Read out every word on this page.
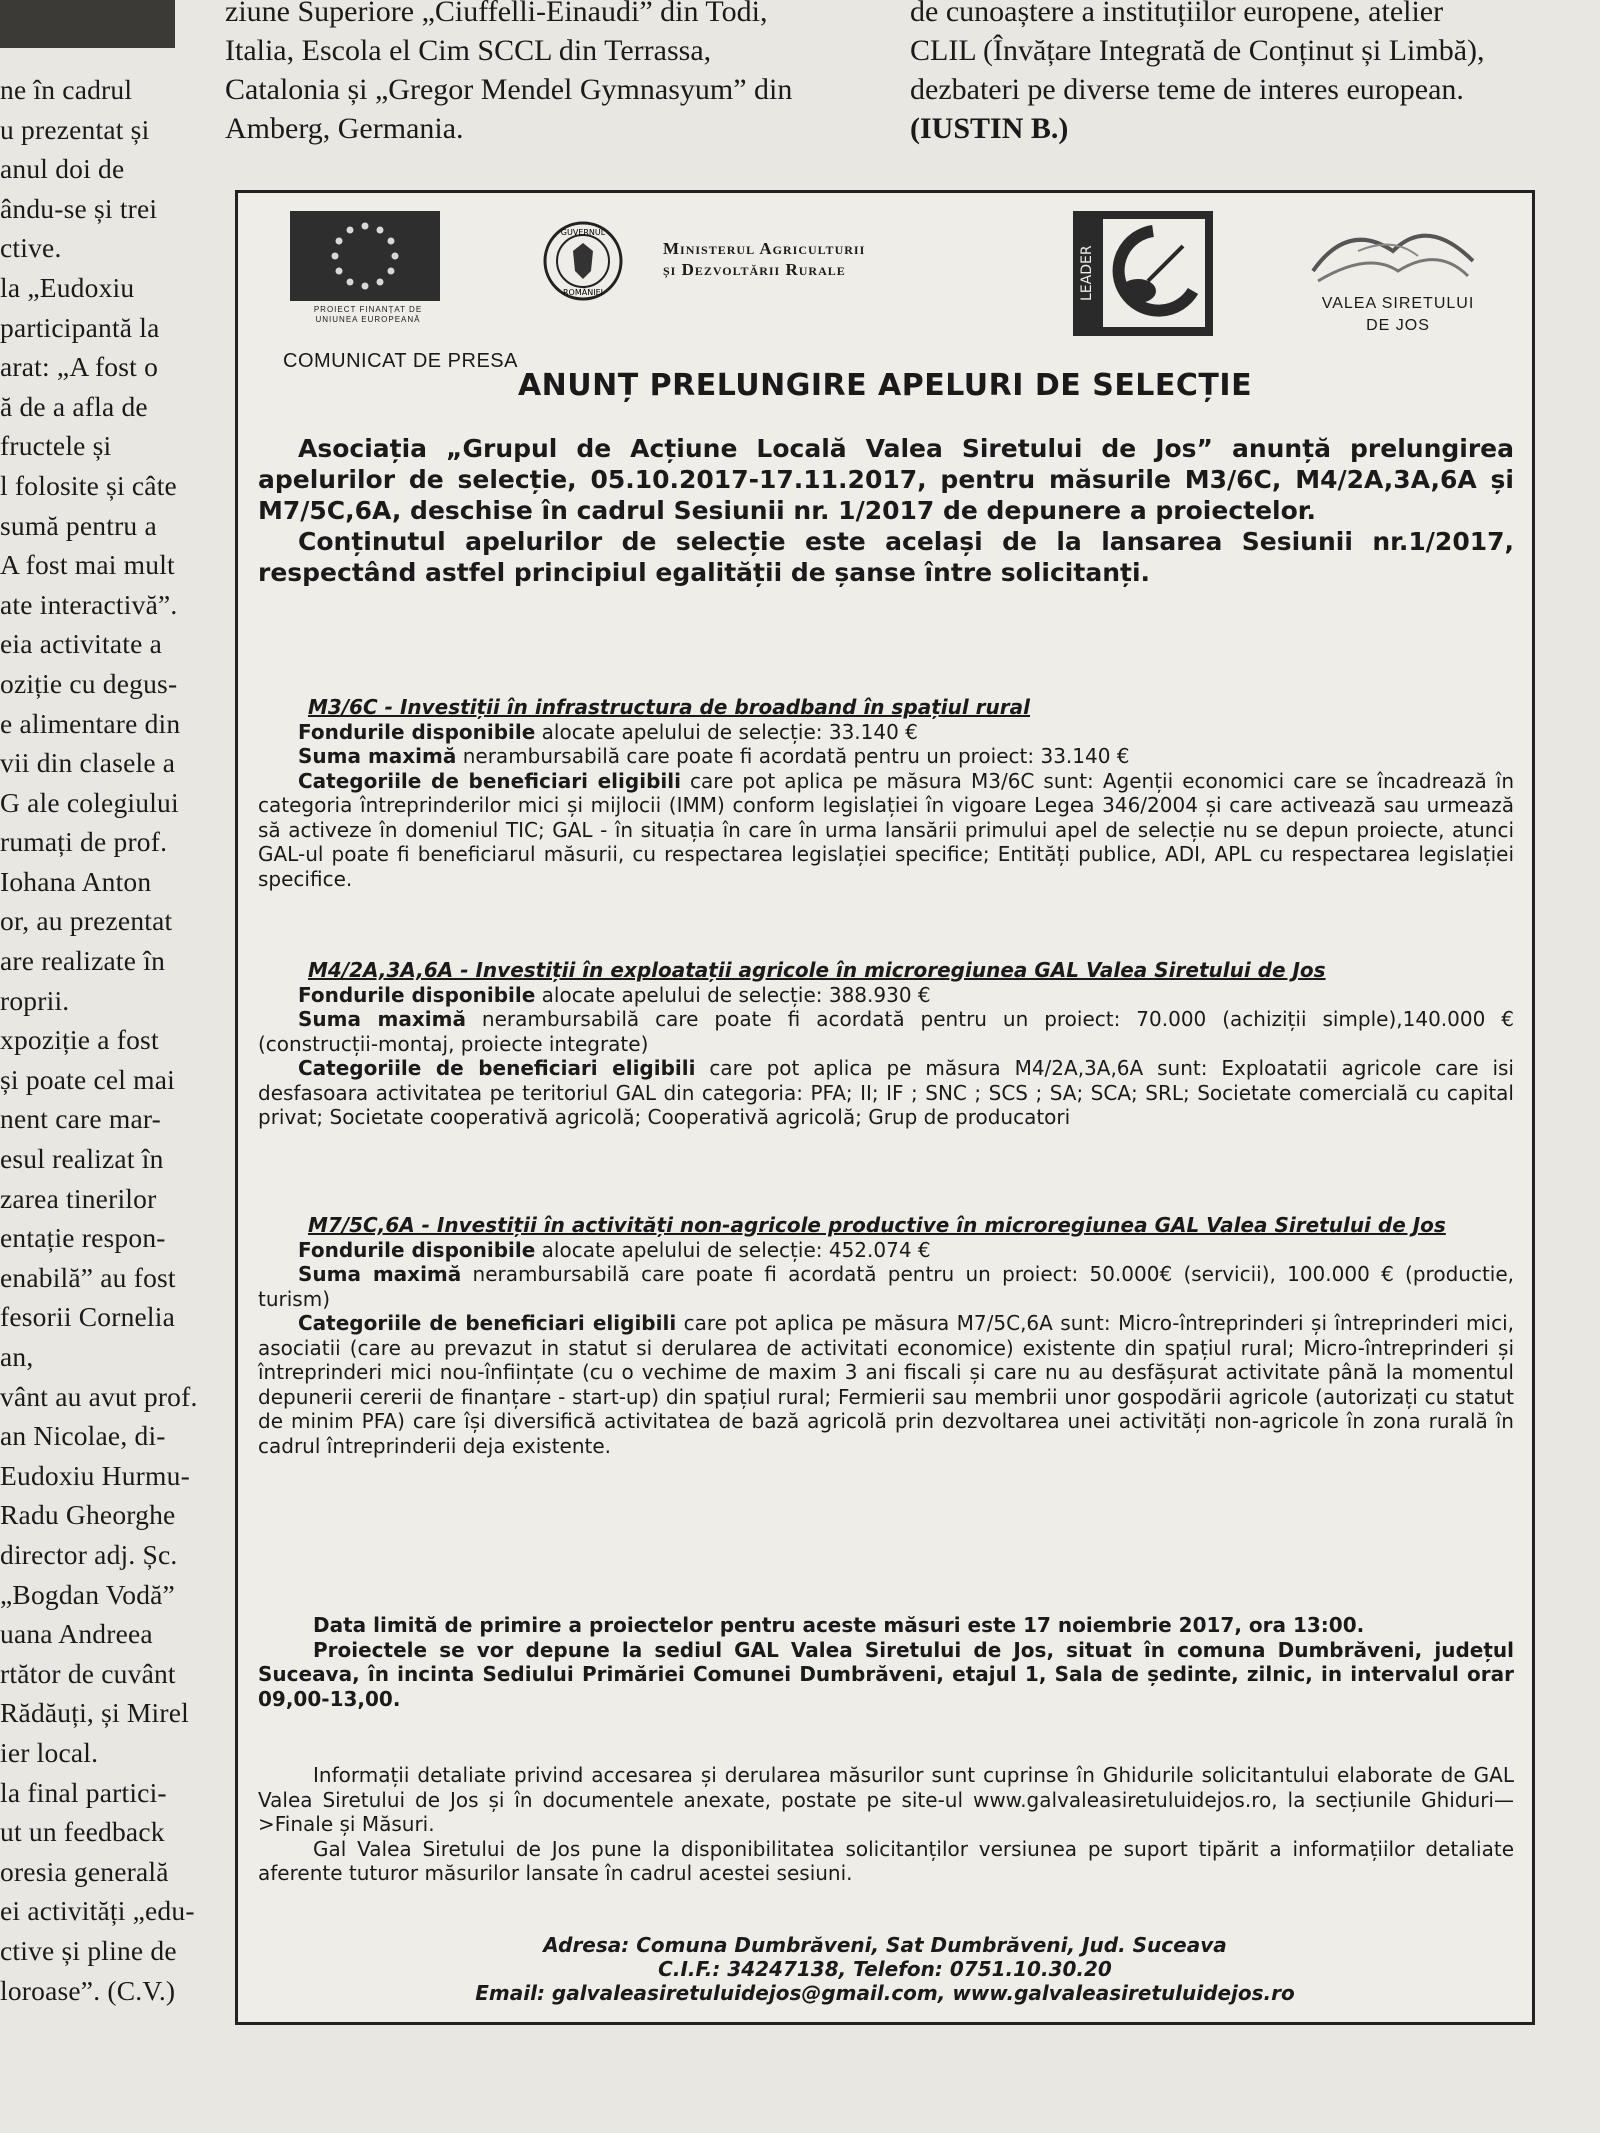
ne în cadrul
u prezentat și
anul doi de
ându-se și trei
ctive.
la „Eudoxiu
participantă la
arat: „A fost o
ă de a afla de
fructele și
l folosite și câte
sumă pentru a
A fost mai mult
ate interactivă”.
eia activitate a
oziție cu degus-
e alimentare din
vii din clasele a
G ale colegiului
rumați de prof.
Iohana Anton
or, au prezentat
are realizate în
roprii.
xpoziție a fost
și poate cel mai
nent care mar-
esul realizat în
zarea tinerilor
entație respon-
enabilă” au fost
fesorii Cornelia
an,
vânt au avut prof.
an Nicolae, di-
Eudoxiu Hurmu-
Radu Gheorghe
director adj. Șc.
„Bogdan Vodă”
uana Andreea
rtător de cuvânt
Rădăuți, și Mirel
ier local.
la final partici-
ut un feedback
oresia generală
ei activități „edu-
ctive și pline de
loroase”. (C.V.)
ziune Superiore „Ciuffelli-Einaudi” din Todi,
Italia, Escola el Cim SCCL din Terrassa,
Catalonia și „Gregor Mendel Gymnasyum” din
Amberg, Germania.
de cunoaștere a instituțiilor europene, atelier
CLIL (Învățare Integrată de Conținut și Limbă),
dezbateri pe diverse teme de interes european.
(IUSTIN B.)
PROIECT FINANȚAT DE
UNIUNEA EUROPEANĂ
GUVERNUL
ROMÂNIEI
Ministerul Agriculturii
și Dezvoltării Rurale	LEADER
VALEA SIRETULUI
DE JOS
COMUNICAT DE PRESA
ANUNȚ PRELUNGIRE APELURI DE SELECȚIE

Asociația „Grupul de Acțiune Locală Valea Siretului de Jos” anunță prelungirea apelurilor de selecție, 05.10.2017-17.11.2017, pentru măsurile M3/6C, M4/2A,3A,6A și M7/5C,6A, deschise în cadrul Sesiunii nr. 1/2017 de depunere a proiectelor.

Conținutul apelurilor de selecție este același de la lansarea Sesiunii nr.1/2017, respectând astfel principiul egalității de șanse între solicitanți.

M3/6C - Investiții în infrastructura de broadband în spațiul rural

Fondurile disponibile alocate apelului de selecție: 33.140 €

Suma maximă nerambursabilă care poate fi acordată pentru un proiect: 33.140 €

Categoriile de beneficiari eligibili care pot aplica pe măsura M3/6C sunt: Agenții economici care se încadrează în categoria întreprinderilor mici și mijlocii (IMM) conform legislației în vigoare Legea 346/2004 și care activează sau urmează să activeze în domeniul TIC; GAL - în situația în care în urma lansării primului apel de selecție nu se depun proiecte, atunci GAL-ul poate fi beneficiarul măsurii, cu respectarea legislației specifice; Entități publice, ADI, APL cu respectarea legislației specifice.

M4/2A,3A,6A - Investiții în exploatații agricole în microregiunea GAL Valea Siretului de Jos

Fondurile disponibile alocate apelului de selecție: 388.930 €

Suma maximă nerambursabilă care poate fi acordată pentru un proiect: 70.000 (achiziții simple),140.000 € (construcții-montaj, proiecte integrate)

Categoriile de beneficiari eligibili care pot aplica pe măsura M4/2A,3A,6A sunt: Exploatatii agricole care isi desfasoara activitatea pe teritoriul GAL din categoria: PFA; II; IF ; SNC ; SCS ; SA; SCA; SRL; Societate comercială cu capital privat; Societate cooperativă agricolă; Cooperativă agricolă; Grup de producatori

M7/5C,6A - Investiții în activități non-agricole productive în microregiunea GAL Valea Siretului de Jos

Fondurile disponibile alocate apelului de selecție: 452.074 €

Suma maximă nerambursabilă care poate fi acordată pentru un proiect: 50.000€ (servicii), 100.000 € (productie, turism)

Categoriile de beneficiari eligibili care pot aplica pe măsura M7/5C,6A sunt: Micro-întreprinderi și întreprinderi mici, asociatii (care au prevazut in statut si derularea de activitati economice) existente din spațiul rural; Micro-întreprinderi și întreprinderi mici nou-înființate (cu o vechime de maxim 3 ani fiscali și care nu au desfășurat activitate până la momentul depunerii cererii de finanțare - start-up) din spațiul rural; Fermierii sau membrii unor gospodării agricole (autorizați cu statut de minim PFA) care își diversifică activitatea de bază agricolă prin dezvoltarea unei activități non-agricole în zona rurală în cadrul întreprinderii deja existente.

Data limită de primire a proiectelor pentru aceste măsuri este 17 noiembrie 2017, ora 13:00.

Proiectele se vor depune la sediul GAL Valea Siretului de Jos, situat în comuna Dumbrăveni, județul Suceava, în incinta Sediului Primăriei Comunei Dumbrăveni, etajul 1, Sala de ședinte, zilnic, in intervalul orar 09,00-13,00.

Informații detaliate privind accesarea și derularea măsurilor sunt cuprinse în Ghidurile solicitantului elaborate de GAL Valea Siretului de Jos și în documentele anexate, postate pe site-ul www.galvaleasiretuluidejos.ro, la secțiunile Ghiduri—>Finale și Măsuri.

Gal Valea Siretului de Jos pune la disponibilitatea solicitanților versiunea pe suport tipărit a informațiilor detaliate aferente tuturor măsurilor lansate în cadrul acestei sesiuni.

Adresa: Comuna Dumbrăveni, Sat Dumbrăveni, Jud. Suceava
C.I.F.: 34247138, Telefon: 0751.10.30.20
Email: galvaleasiretuluidejos@gmail.com, www.galvaleasiretuluidejos.ro
